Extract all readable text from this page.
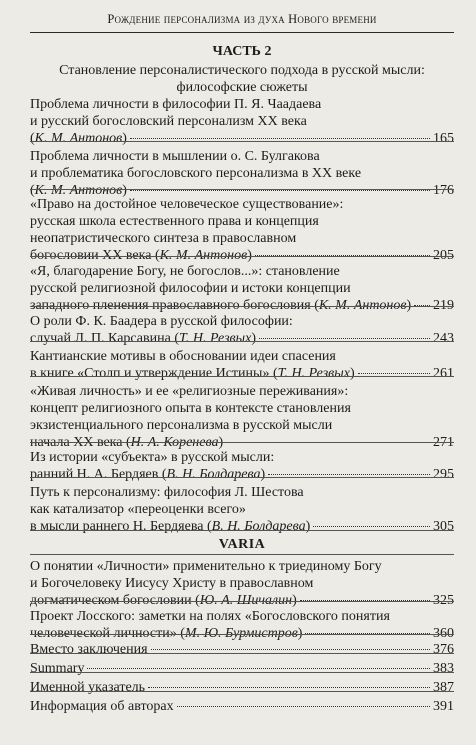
Рождение персонализма из духа Нового времени
ЧАСТЬ 2
Становление персоналистического подхода в русской мысли:
философские сюжеты
Проблема личности в философии П. Я. Чаадаева
и русский богословский персонализм XX века
(К. М. Антонов)	165
Проблема личности в мышлении о. С. Булгакова
и проблематика богословского персонализма в XX веке
(К. М. Антонов)	176
«Право на достойное человеческое существование»:
русская школа естественного права и концепция
неопатристического синтеза в православном
богословии XX века (К. М. Антонов)	205
«Я, благодарение Богу, не богослов...»: становление
русской религиозной философии и истоки концепции
западного пленения православного богословия (К. М. Антонов) 219
О роли Ф. К. Баадера в русской философии:
случай Л. П. Карсавина (Т. Н. Резвых)	243
Кантианские мотивы в обосновании идеи спасения
в книге «Столп и утверждение Истины» (Т. Н. Резвых)	261
«Живая личность» и ее «религиозные переживания»:
концепт религиозного опыта в контексте становления
экзистенциального персонализма в русской мысли
начала XX века (Н. А. Коренева)	271
Из истории «субъекта» в русской мысли:
ранний Н. А. Бердяев (В. Н. Болдарева)	295
Путь к персонализму: философия Л. Шестова
как катализатор «переоценки всего»
в мысли раннего Н. Бердяева (В. Н. Болдарева)	305
VARIA
О понятии «Личности» применительно к триединому Богу
и Богочеловеку Иисусу Христу в православном
догматическом богословии (Ю. А. Шичалин)	325
Проект Лосского: заметки на полях «Богословского понятия
человеческой личности» (М. Ю. Бурмистров)	360
Вместо заключения	376
Summary	383
Именной указатель	387
Информация об авторах	391
